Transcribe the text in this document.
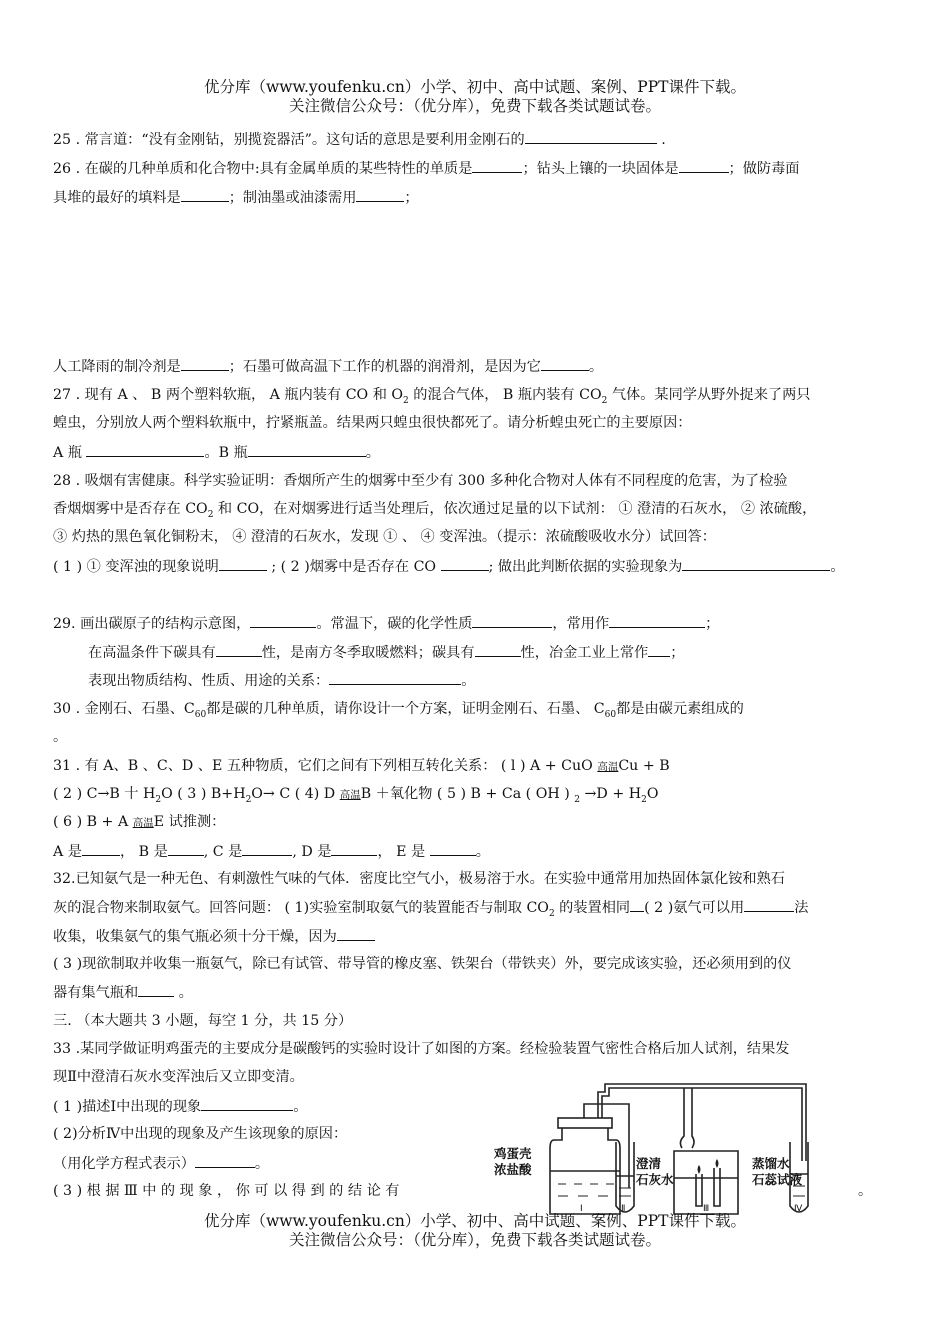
优分库（www.youfenku.cn）小学、初中、高中试题、案例、PPT课件下载。

关注微信公众号：（优分库），免费下载各类试题试卷。

25 . 常言道：“没有金刚钻，别揽瓷器活”。这句话的意思是要利用金刚石的	.
26 . 在碳的几种单质和化合物中:具有金属单质的某些特性的单质是	；钻头上镶的一块固体是	；做防毒面
具堆的最好的填料是	；制油墨或油漆需用	；
人工降雨的制冷剂是	；石墨可做高温下工作的机器的润滑剂，是因为它	。
27 . 现有 A 、 B 两个塑料软瓶， A 瓶内装有 CO 和 $O_2$ 的混合气体， B 瓶内装有 $CO_2$ 气体。某同学从野外捉来了两只
蝗虫，分别放人两个塑料软瓶中，拧紧瓶盖。结果两只蝗虫很快都死了。请分析蝗虫死亡的主要原因：
A 瓶	。B 瓶	。
28 . 吸烟有害健康。科学实验证明：香烟所产生的烟雾中至少有 300 多种化合物对人体有不同程度的危害，为了检验
香烟烟雾中是否存在 $CO_2$ 和 CO，在对烟雾进行适当处理后，依次通过足量的以下试剂： ① 澄清的石灰水， ② 浓硫酸，
③ 灼热的黑色氧化铜粉末， ④ 澄清的石灰水，发现 ① 、 ④ 变浑浊。（提示：浓硫酸吸收水分）试回答：
( 1 ) ① 变浑浊的现象说明	; ( 2 )烟雾中是否存在 CO	; 做出此判断依据的实验现象为	。
29. 画出碳原子的结构示意图，	。常温下，碳的化学性质	，常用作	；
在高温条件下碳具有	性，是南方冬季取暖燃料；碳具有	性，冶金工业上常作 ；
表现出物质结构、性质、用途的关系：	。
30 . 金刚石、石墨、$C_{60}$都是碳的几种单质，请你设计一个方案，证明金刚石、石墨、 $C_{60}$都是由碳元素组成的
。
31 . 有 A、B 、C、D 、E 五种物质，它们之间有下列相互转化关系： ( l ) A + CuO 高温Cu + B
( 2 ) C→B 十 $H_2O$ ( 3 ) $B+H_2O\to C$ ( 4) D 高温B ＋氧化物 ( 5 ) B + Ca ( OH ) $_2 \to D + H_2O$
( 6 ) B + A 高温E 试推测：
A 是	， B 是	, C 是	, D 是	， E 是	。
32.已知氨气是一种无色、有刺激性气味的气体．密度比空气小，极易溶于水。在实验中通常用加热固体氯化铵和熟石
灰的混合物来制取氨气。回答问题： ( 1)实验室制取氨气的装置能否与制取 $CO_2$ 的装置相同 ( 2 )氨气可以用	法
收集，收集氨气的集气瓶必须十分干燥，因为
( 3 )现欲制取并收集一瓶氨气，除已有试管、带导管的橡皮塞、铁架台（带铁夹）外，要完成该实验，还必须用到的仪
器有集气瓶和	。
三. （本大题共 3 小题，每空 1 分，共 15 分）
33 .某同学做证明鸡蛋壳的主要成分是碳酸钙的实验时设计了如图的方案。经检验装置气密性合格后加人试剂，结果发
现Ⅱ中澄清石灰水变浑浊后又立即变清。
( 1 )描述Ⅰ中出现的现象	。
( 2)分析Ⅳ中出现的现象及产生该现象的原因：
（用化学方程式表示）	。
( 3 ) 根 据 Ⅲ 中 的 现 象 ， 你 可 以 得 到 的 结 论 有	。
鸡蛋壳
浓盐酸	澄清
石灰水
蒸馏水
石蕊试液
Ⅰ	Ⅱ	Ⅲ	Ⅳ

优分库（www.youfenku.cn）小学、初中、高中试题、案例、PPT课件下载。

关注微信公众号：（优分库），免费下载各类试题试卷。
